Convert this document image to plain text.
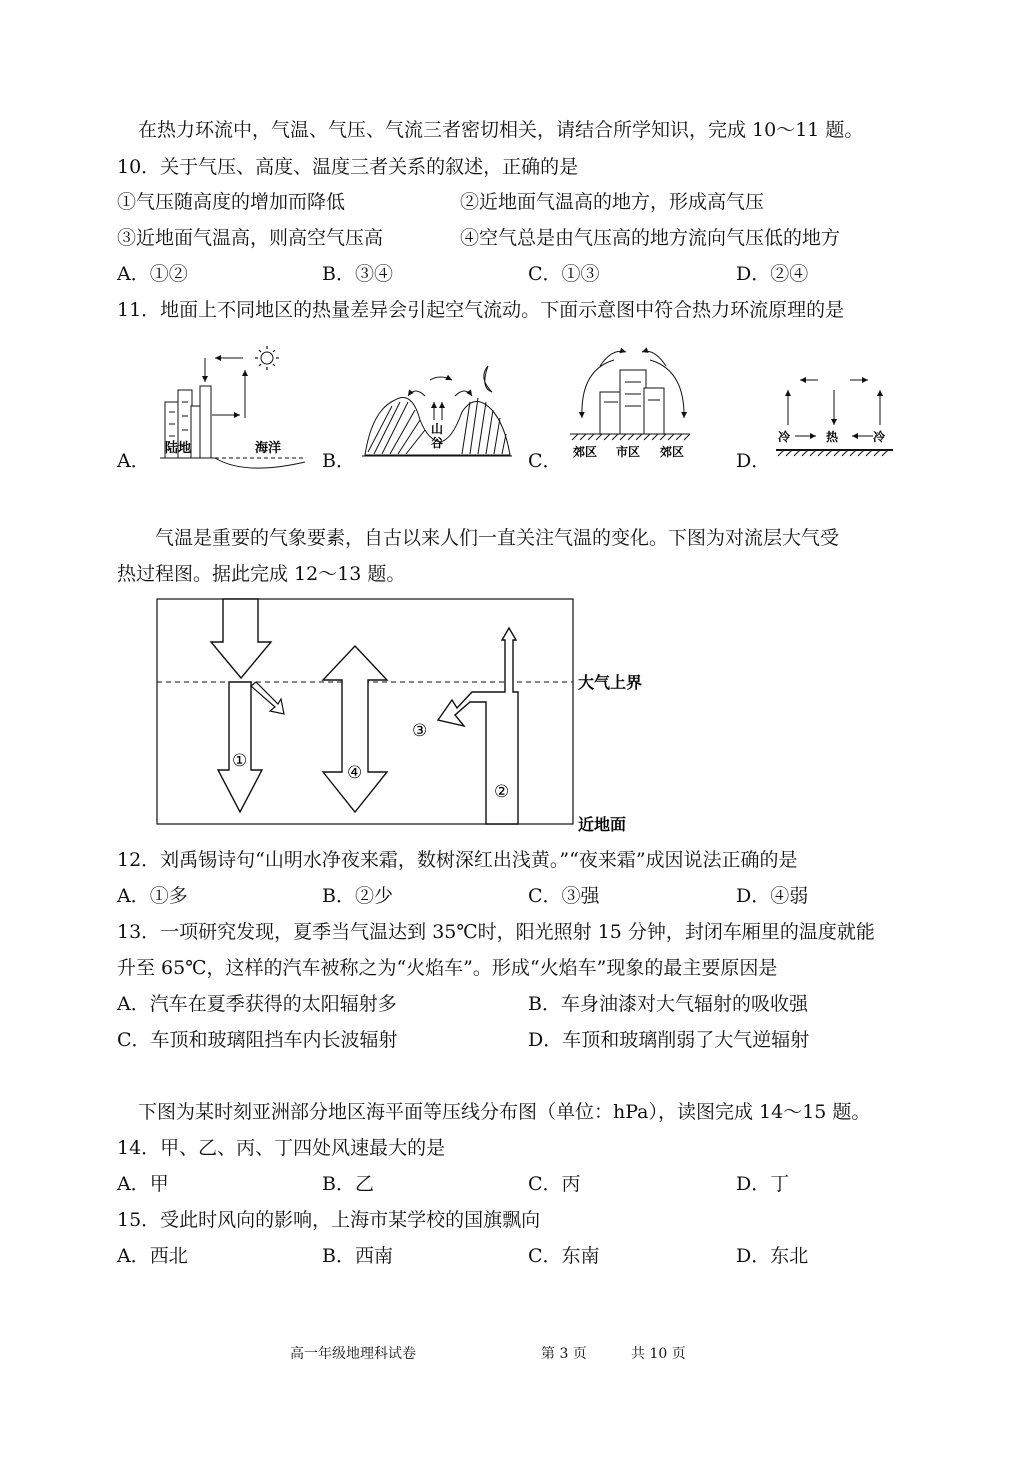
在热力环流中，气温、气压、气流三者密切相关，请结合所学知识，完成 10～11 题。
10．关于气压、高度、温度三者关系的叙述，正确的是
①气压随高度的增加而降低	②近地面气温高的地方，形成高气压
③近地面气温高，则高空气压高	④空气总是由气压高的地方流向气压低的地方
A．①②	B．③④	C．①③	D．②④
11．地面上不同地区的热量差异会引起空气流动。下面示意图中符合热力环流原理的是
陆地	海洋
山
谷
郊区 市区 郊区
冷	热	冷
A．	B．	C．	D．
气温是重要的气象要素，自古以来人们一直关注气温的变化。下图为对流层大气受
热过程图。据此完成 12～13 题。
①
④
③
②
大气上界
近地面
12．刘禹锡诗句“山明水净夜来霜，数树深红出浅黄。”“夜来霜”成因说法正确的是
A．①多	B．②少	C．③强	D．④弱
13．一项研究发现，夏季当气温达到 35℃时，阳光照射 15 分钟，封闭车厢里的温度就能
升至 65℃，这样的汽车被称之为“火焰车”。形成“火焰车”现象的最主要原因是
A．汽车在夏季获得的太阳辐射多	B．车身油漆对大气辐射的吸收强
C．车顶和玻璃阻挡车内长波辐射	D．车顶和玻璃削弱了大气逆辐射
下图为某时刻亚洲部分地区海平面等压线分布图（单位：hPa），读图完成 14～15 题。
14．甲、乙、丙、丁四处风速最大的是
A．甲	B．乙	C．丙	D．丁
15．受此时风向的影响，上海市某学校的国旗飘向
A．西北	B．西南	C．东南	D．东北
高一年级地理科试卷	第 3 页	共 10 页
